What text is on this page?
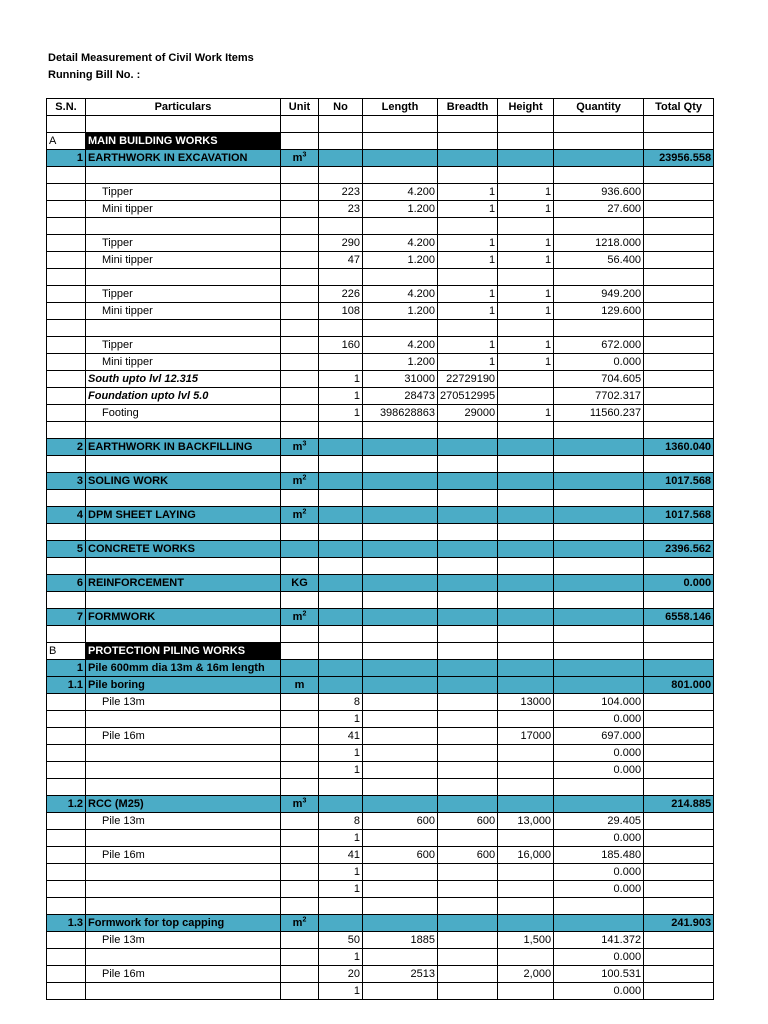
Detail Measurement of Civil Work Items
Running Bill No. :
S.N.	Particulars	Unit	No	Length	Breadth	Height	Quantity	Total Qty

A	MAIN BUILDING WORKS							
1	EARTHWORK IN EXCAVATION	$m^3$						23956.558

	Tipper		223	4.200	1	1	936.600	
	Mini tipper		23	1.200	1	1	27.600	

	Tipper		290	4.200	1	1	1218.000	
	Mini tipper		47	1.200	1	1	56.400	

	Tipper		226	4.200	1	1	949.200	
	Mini tipper		108	1.200	1	1	129.600	

	Tipper		160	4.200	1	1	672.000	
	Mini tipper			1.200	1	1	0.000	
	South upto lvl 12.315		1	31000	22729190		704.605	
	Foundation upto lvl 5.0		1	28473	270512995		7702.317	
	Footing		1	398628863	29000	1	11560.237	

2	EARTHWORK IN BACKFILLING	$m^3$						1360.040

3	SOLING WORK	$m^2$						1017.568

4	DPM SHEET LAYING	$m^2$						1017.568

5	CONCRETE WORKS							2396.562

6	REINFORCEMENT	KG						0.000

7	FORMWORK	$m^2$						6558.146

B	PROTECTION PILING WORKS							
1	Pile 600mm dia 13m & 16m length							
1.1	Pile boring	m						801.000
	Pile 13m		8			13000	104.000	
			1				0.000	
	Pile 16m		41			17000	697.000	
			1				0.000	
			1				0.000	

1.2	RCC (M25)	$m^3$						214.885
	Pile 13m		8	600	600	13,000	29.405	
			1				0.000	
	Pile 16m		41	600	600	16,000	185.480	
			1				0.000	
			1				0.000	

1.3	Formwork for top capping	$m^2$						241.903
	Pile 13m		50	1885		1,500	141.372	
			1				0.000	
	Pile 16m		20	2513		2,000	100.531	
			1				0.000	
